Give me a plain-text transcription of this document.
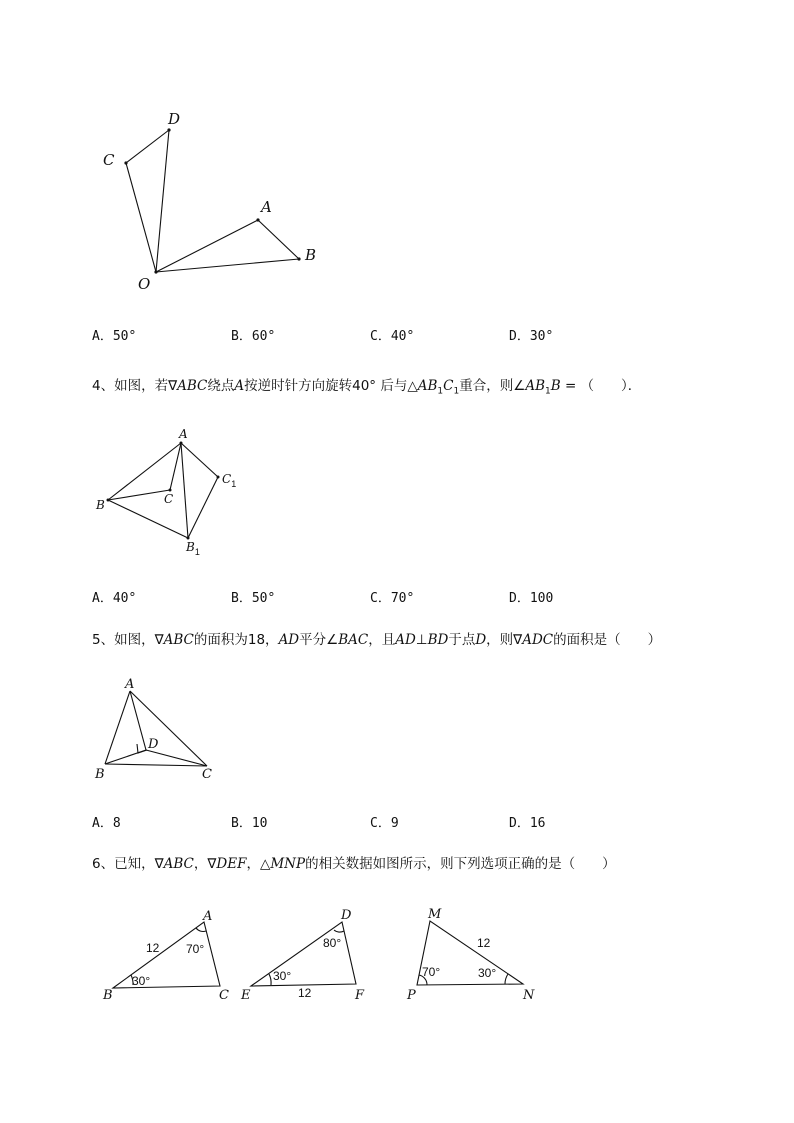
D
C
A
B
O
A．50°	B．60°	C．40°	D．30°
4、如图，若∇ABC绕点A按逆时针方向旋转40° 后与$\triangle AB_1C_1$重合，则$\angle AB_1B$ = （　　）．
A
B	C
$C_1$
$B_1$
A．40°	B．50°	C．70°	D．100
5、如图，∇ABC的面积为18，AD平分∠BAC，且AD⊥BD于点D，则∇ADC的面积是（　　）
A
B	C
D
A．8	B．10	C．9	D．16
6、已知，∇ABC，∇DEF，△MNP的相关数据如图所示，则下列选项正确的是（　　）
A
B	C
12 70°
30°
D
E	F
12
80°
30°
M
P	N
12
70°	30°
